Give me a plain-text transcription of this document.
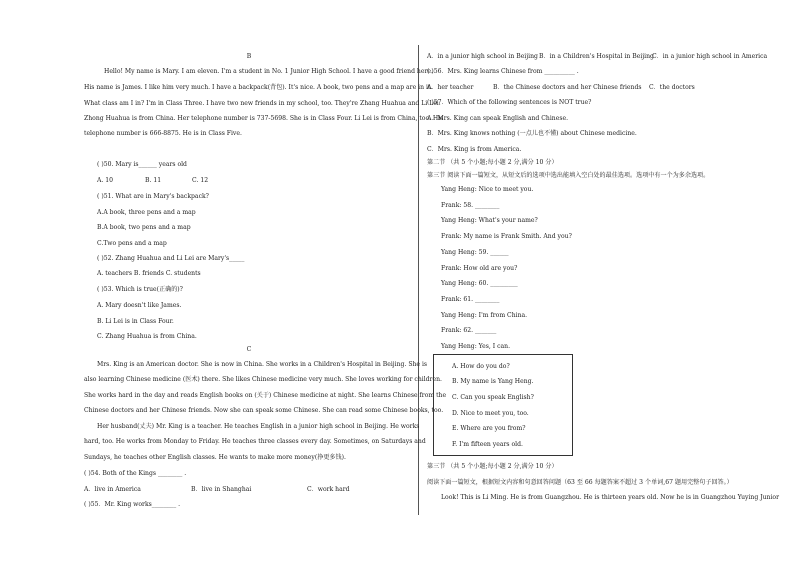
B
Hello! My name is Mary. I am eleven. I'm a student in No. 1 Junior High School. I have a good friend here.
His name is James. I like him very much. I have a backpack(背包). It's nice. A book, two pens and a map are in it.
What class am I in? I'm in Class Three. I have two new friends in my school, too. They're Zhang Huahua and Li Lei.
Zhong Huahua is from China. Her telephone number is 737-5698. She is in Class Four. Li Lei is from China, too. His
telephone number is 666-8875. He is in Class Five.
( )50. Mary is______ years old
A. 10	B. 11	C. 12
( )51. What are in Mary's backpack?
A.A book, three pens and a map
B.A book, two pens and a map
C.Two pens and a map
( )52. Zhang Huahua and Li Lei are Mary's_____
A. teachers B. friends C. students
( )53. Which is true(正确的)?
A. Mary doesn't like James.
B. Li Lei is in Class Four.
C. Zhang Huahua is from China.
C
Mrs. King is an American doctor. She is now in China. She works in a Children's Hospital in Beijing. She is
also learning Chinese medicine (医术) there. She likes Chinese medicine very much. She loves working for children.
She works hard in the day and reads English books on (关于) Chinese medicine at night. She learns Chinese from the
Chinese doctors and her Chinese friends. Now she can speak some Chinese. She can read some Chinese books, too.
Her husband(丈夫) Mr. King is a teacher. He teaches English in a junior high school in Beijing. He works
hard, too. He works from Monday to Friday. He teaches three classes every day. Sometimes, on Saturdays and
Sundays, he teaches other English classes. He wants to make more money(挣更多钱).
( )54. Both of the Kings ________ .
A．live in America	B．live in Shanghai	C．work hard
( )55．Mr. King works________ .
A．in a junior high school in Beijing B．in a Children's Hospital in Beijing
C．in a junior high school in America
( )56．Mrs. King learns Chinese from __________ .
A．her teacher	B．the Chinese doctors and her Chinese friends C．the doctors
( )57．Which of the following sentences is NOT true?
A．Mrs. King can speak English and Chinese.
B．Mrs. King knows nothing (一点儿也不懂) about Chinese medicine.
C．Mrs. King is from America.
第二节 （共 5 个小题;每小题 2 分,满分 10 分）
第三节 阅读下面一篇短文，从短文后的选项中选出能填入空白处的最佳选项。选项中有一个为多余选项。
Yang Heng: Nice to meet you.
Frank: 58. ________
Yang Heng: What's your name?
Frank: My name is Frank Smith. And you?
Yang Heng: 59. ______
Frank: How old are you?
Yang Heng: 60. _________
Frank: 61. ________
Yang Heng: I'm from China.
Frank: 62. _______
Yang Heng: Yes, I can.
第三节 （共 5 个小题;每小题 2 分,满分 10 分）
阅读下面一篇短文，根据短文内容和句意回答问题（63 至 66 每题答案不超过 3 个单词,67 题用完整句子回答。）
Look! This is Li Ming. He is from Guangzhou. He is thirteen years old. Now he is in Guangzhou Yuying Junior
A. How do you do?
B. My name is Yang Heng.
C. Can you speak English?
D. Nice to meet you, too.
E. Where are you from?
F. I'm fifteen years old.
